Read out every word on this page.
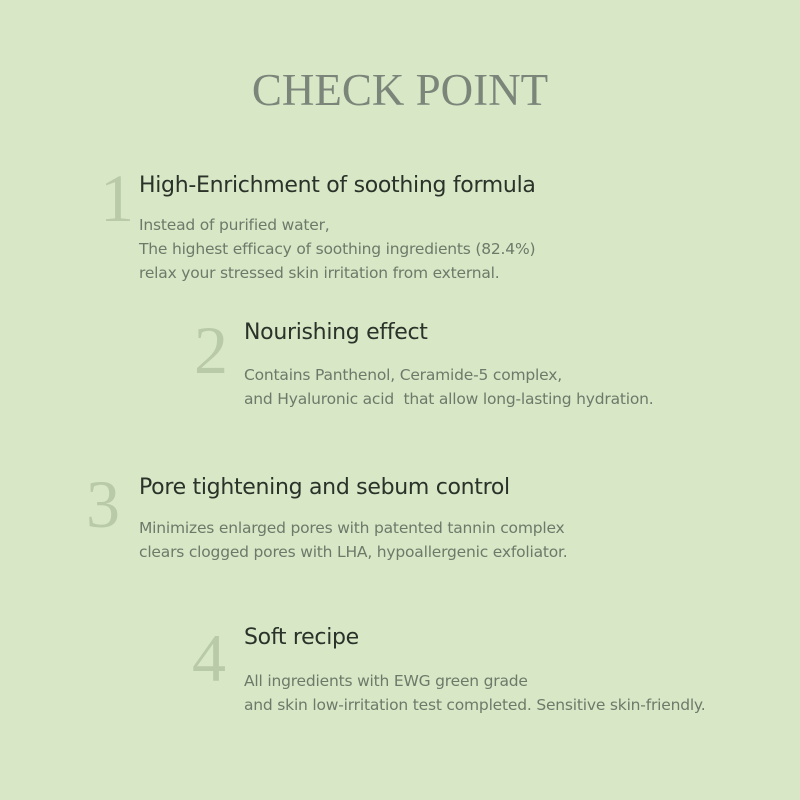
CHECK POINT
1 High-Enrichment of soothing formula
Instead of purified water,
The highest efficacy of soothing ingredients (82.4%)
relax your stressed skin irritation from external.
2 Nourishing effect
Contains Panthenol, Ceramide-5 complex,
and Hyaluronic acid  that allow long-lasting hydration.
3 Pore tightening and sebum control
Minimizes enlarged pores with patented tannin complex
clears clogged pores with LHA, hypoallergenic exfoliator.
4 Soft recipe
All ingredients with EWG green grade
and skin low-irritation test completed. Sensitive skin-friendly.
